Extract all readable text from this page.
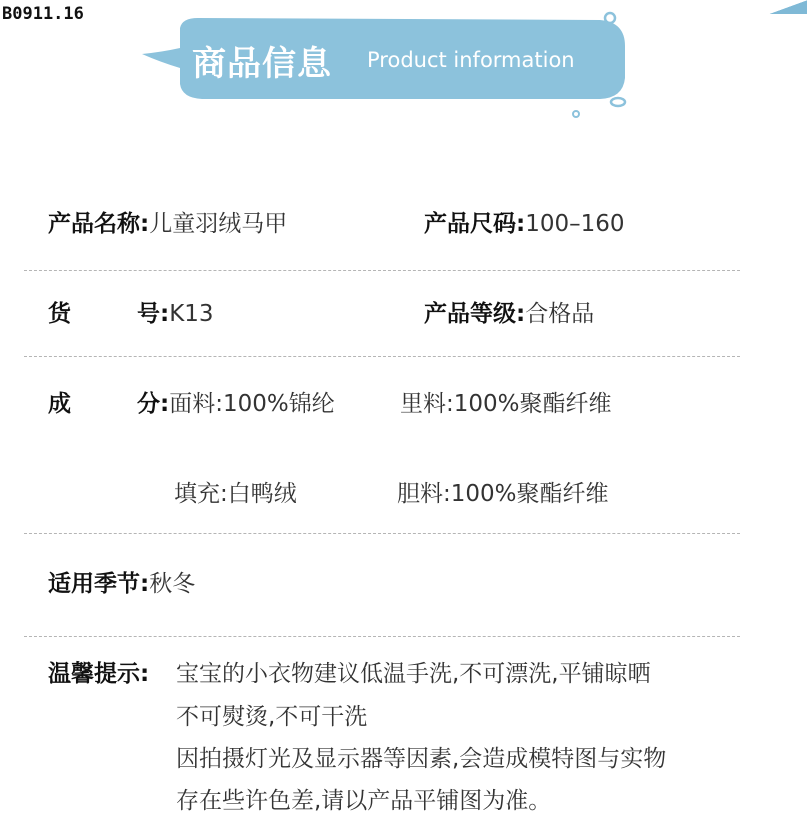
B0911.16
商品信息 Product information
产品名称:儿童羽绒马甲	产品尺码:100–160
货 号:K13	产品等级:合格品
成 分:面料:100%锦纶	里料:100%聚酯纤维
填充:白鸭绒	胆料:100%聚酯纤维
适用季节:秋冬
温馨提示: 宝宝的小衣物建议低温手洗,不可漂洗,平铺晾晒
不可熨烫,不可干洗
因拍摄灯光及显示器等因素,会造成模特图与实物
存在些许色差,请以产品平铺图为准。
